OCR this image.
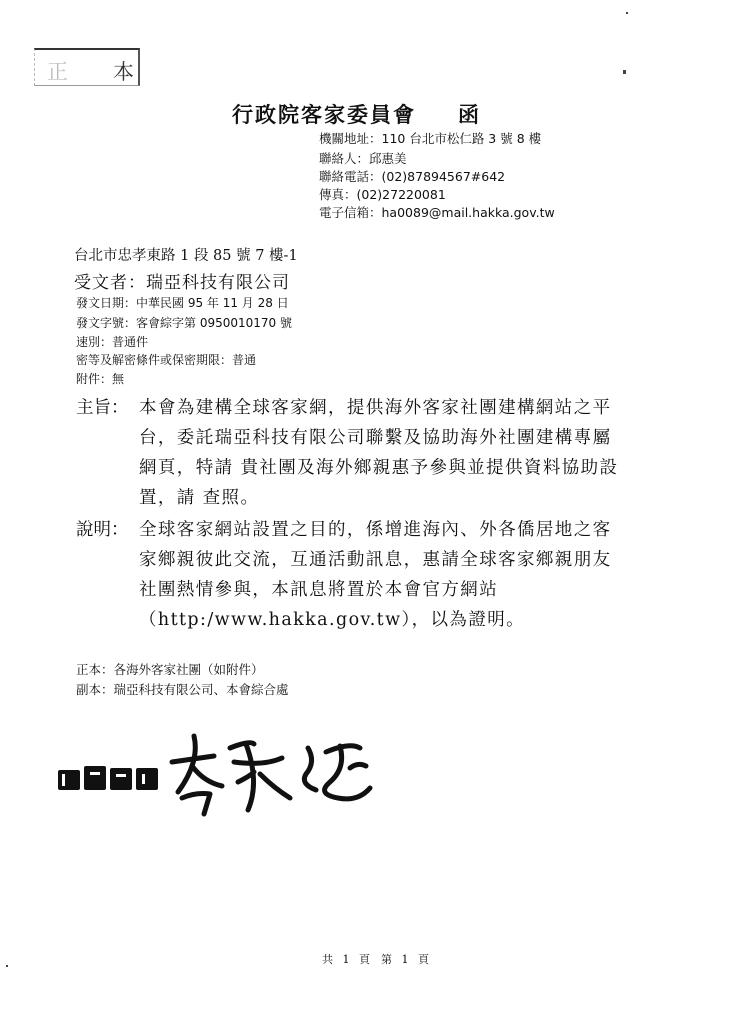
正 本
行政院客家委員會 函
機關地址：110 台北市松仁路 3 號 8 樓
聯絡人：邱惠美
聯絡電話：(02)87894567#642
傳真：(02)27220081
電子信箱：ha0089@mail.hakka.gov.tw
台北市忠孝東路 1 段 85 號 7 樓-1
受文者：瑞亞科技有限公司
發文日期：中華民國 95 年 11 月 28 日
發文字號：客會綜字第 0950010170 號
速別：普通件
密等及解密條件或保密期限：普通
附件：無
主旨： 本會為建構全球客家網，提供海外客家社團建構網站之平
台，委託瑞亞科技有限公司聯繫及協助海外社團建構專屬
網頁，特請 貴社團及海外鄉親惠予參與並提供資料協助設
置，請 查照。
說明： 全球客家網站設置之目的，係增進海內、外各僑居地之客
家鄉親彼此交流，互通活動訊息，惠請全球客家鄉親朋友
社團熱情參與，本訊息將置於本會官方網站
（http:/www.hakka.gov.tw），以為證明。
正本：各海外客家社團（如附件）
副本：瑞亞科技有限公司、本會綜合處
共 1 頁　第 1 頁
